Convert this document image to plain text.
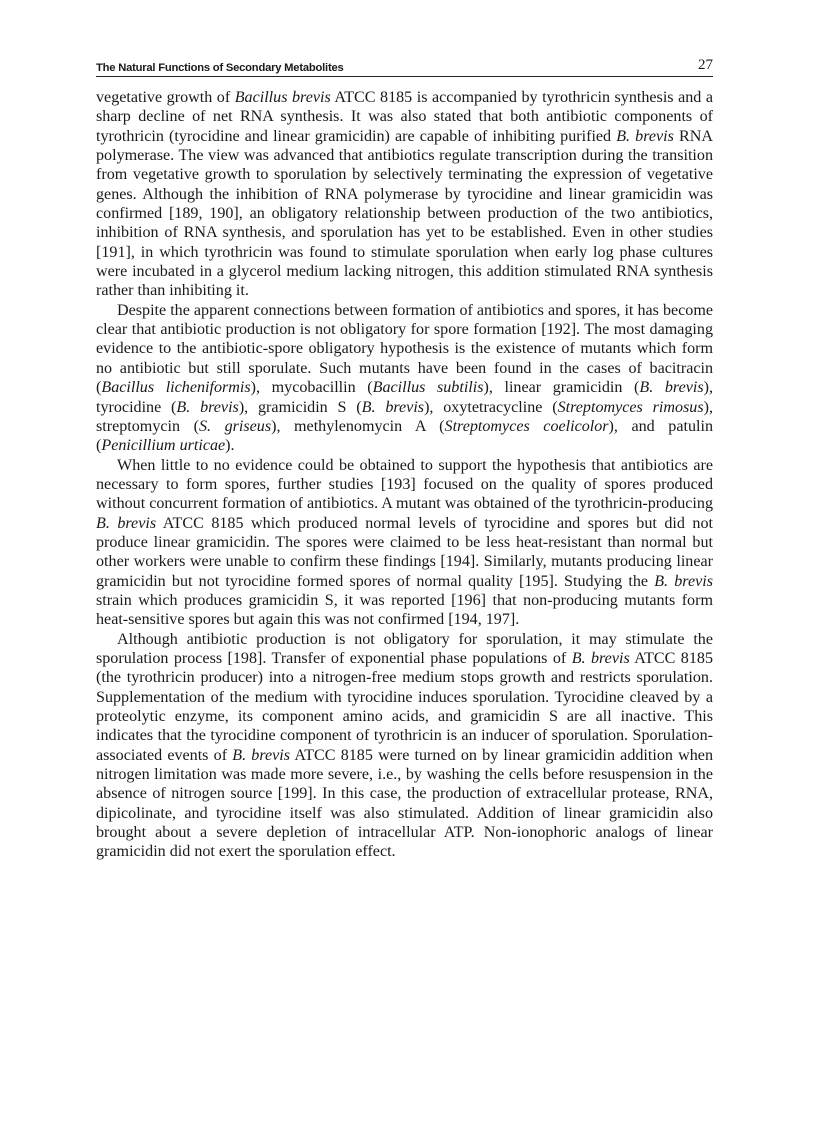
The Natural Functions of Secondary Metabolites	27

vegetative growth of Bacillus brevis ATCC 8185 is accompanied by tyrothricin synthesis and a sharp decline of net RNA synthesis. It was also stated that both antibiotic components of tyrothricin (tyrocidine and linear gramicidin) are capable of inhibiting purified B. brevis RNA polymerase. The view was advanced that antibiotics regulate transcription during the transition from vegetative growth to sporulation by selectively terminating the expression of vegetative genes. Although the inhibition of RNA polymerase by tyrocidine and linear gramicidin was confirmed [189, 190], an obligatory relationship between production of the two antibiotics, inhibition of RNA synthesis, and sporulation has yet to be established. Even in other studies [191], in which tyrothricin was found to stimulate sporulation when early log phase cultures were incubated in a glycerol medium lacking nitrogen, this addition stimulated RNA synthesis rather than inhibiting it.

Despite the apparent connections between formation of antibiotics and spores, it has become clear that antibiotic production is not obligatory for spore formation [192]. The most damaging evidence to the antibiotic-spore obligatory hypothesis is the existence of mutants which form no antibiotic but still sporulate. Such mutants have been found in the cases of bacitracin (Bacillus licheniformis), mycobacillin (Bacillus subtilis), linear gramicidin (B. brevis), tyrocidine (B. brevis), gramicidin S (B. brevis), oxytetracycline (Streptomyces rimosus), streptomycin (S. griseus), methylenomycin A (Streptomyces coelicolor), and patulin (Penicillium urticae).

When little to no evidence could be obtained to support the hypothesis that antibiotics are necessary to form spores, further studies [193] focused on the quality of spores produced without concurrent formation of antibiotics. A mutant was obtained of the tyrothricin-producing B. brevis ATCC 8185 which produced normal levels of tyrocidine and spores but did not produce linear gramicidin. The spores were claimed to be less heat-resistant than normal but other workers were unable to confirm these findings [194]. Similarly, mutants producing linear gramicidin but not tyrocidine formed spores of normal quality [195]. Studying the B. brevis strain which produces gramicidin S, it was reported [196] that non-producing mutants form heat-sensitive spores but again this was not confirmed [194, 197].

Although antibiotic production is not obligatory for sporulation, it may stimulate the sporulation process [198]. Transfer of exponential phase populations of B. brevis ATCC 8185 (the tyrothricin producer) into a nitrogen-free medium stops growth and restricts sporulation. Supplementation of the medium with tyrocidine induces sporulation. Tyrocidine cleaved by a proteolytic enzyme, its component amino acids, and gramicidin S are all inactive. This indicates that the tyrocidine component of tyrothricin is an inducer of sporulation. Sporulation-associated events of B. brevis ATCC 8185 were turned on by linear gramicidin addition when nitrogen limitation was made more severe, i.e., by washing the cells before resuspension in the absence of nitrogen source [199]. In this case, the production of extracellular protease, RNA, dipicolinate, and tyrocidine itself was also stimulated. Addition of linear gramicidin also brought about a severe depletion of intracellular ATP. Non-ionophoric analogs of linear gramicidin did not exert the sporulation effect.
